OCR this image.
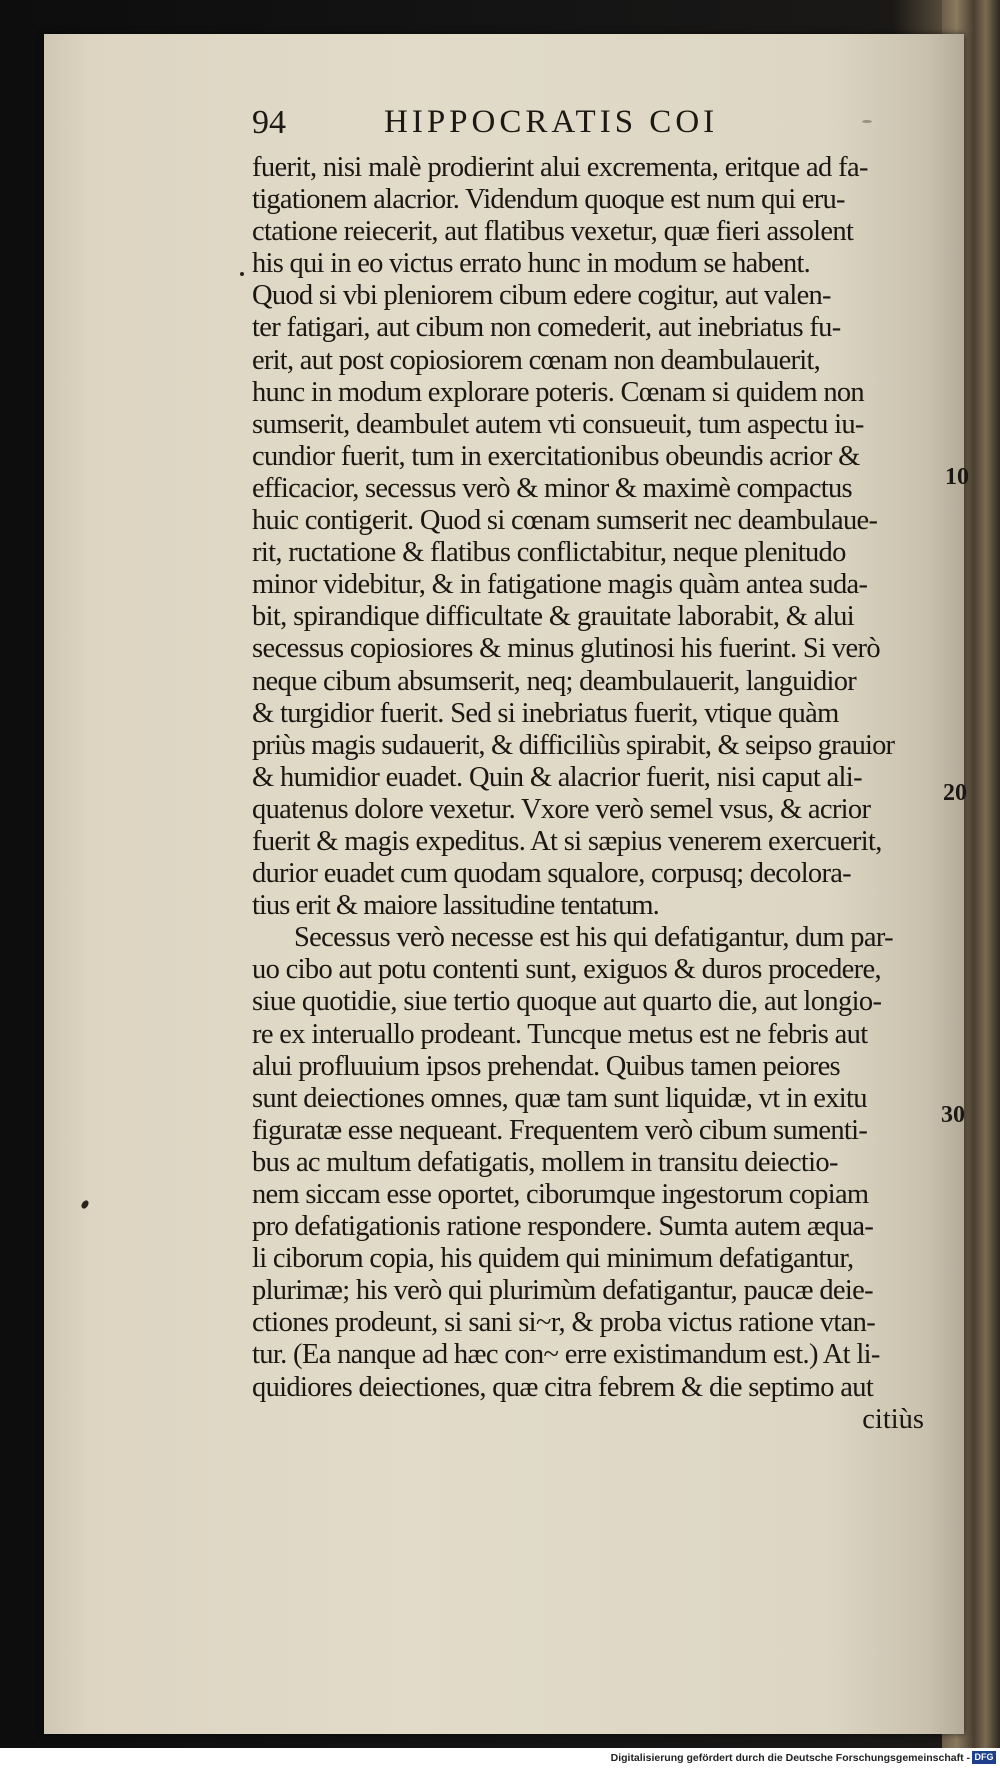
94	HIPPOCRATIS COI
fuerit, nisi malè prodierint alui excrementa, eritque ad fa-
tigationem alacrior. Videndum quoque est num qui eru-
ctatione reiecerit, aut flatibus vexetur, quæ fieri assolent
his qui in eo victus errato hunc in modum se habent.
Quod si vbi pleniorem cibum edere cogitur, aut valen-
ter fatigari, aut cibum non comederit, aut inebriatus fu-
erit, aut post copiosiorem cœnam non deambulauerit,
hunc in modum explorare poteris. Cœnam si quidem non
sumserit, deambulet autem vti consueuit, tum aspectu iu-
cundior fuerit, tum in exercitationibus obeundis acrior &
efficacior, secessus verò & minor & maximè compactus
huic contigerit. Quod si cœnam sumserit nec deambulaue-
rit, ructatione & flatibus conflictabitur, neque plenitudo
minor videbitur, & in fatigatione magis quàm antea suda-
bit, spirandique difficultate & grauitate laborabit, & alui
secessus copiosiores & minus glutinosi his fuerint. Si verò
neque cibum absumserit, neq; deambulauerit, languidior
& turgidior fuerit. Sed si inebriatus fuerit, vtique quàm
priùs magis sudauerit, & difficiliùs spirabit, & seipso grauior
& humidior euadet. Quin & alacrior fuerit, nisi caput ali-
quatenus dolore vexetur. Vxore verò semel vsus, & acrior
fuerit & magis expeditus. At si sæpius venerem exercuerit,
durior euadet cum quodam squalore, corpusq; decolora-
tius erit & maiore lassitudine tentatum.
Secessus verò necesse est his qui defatigantur, dum par-
uo cibo aut potu contenti sunt, exiguos & duros procedere,
siue quotidie, siue tertio quoque aut quarto die, aut longio-
re ex interuallo prodeant. Tuncque metus est ne febris aut
alui profluuium ipsos prehendat. Quibus tamen peiores
sunt deiectiones omnes, quæ tam sunt liquidæ, vt in exitu
figuratæ esse nequeant. Frequentem verò cibum sumenti-
bus ac multum defatigatis, mollem in transitu deiectio-
nem siccam esse oportet, ciborumque ingestorum copiam
pro defatigationis ratione respondere. Sumta autem æqua-
li ciborum copia, his quidem qui minimum defatigantur,
plurimæ; his verò qui plurimùm defatigantur, paucæ deie-
ctiones prodeunt, si sani si~r, & proba victus ratione vtan-
tur. (Ea nanque ad hæc con~ erre existimandum est.) At li-
quidiores deiectiones, quæ citra febrem & die septimo aut
citiùs
10
20
30
Digitalisierung gefördert durch die Deutsche Forschungsgemeinschaft - DFG
